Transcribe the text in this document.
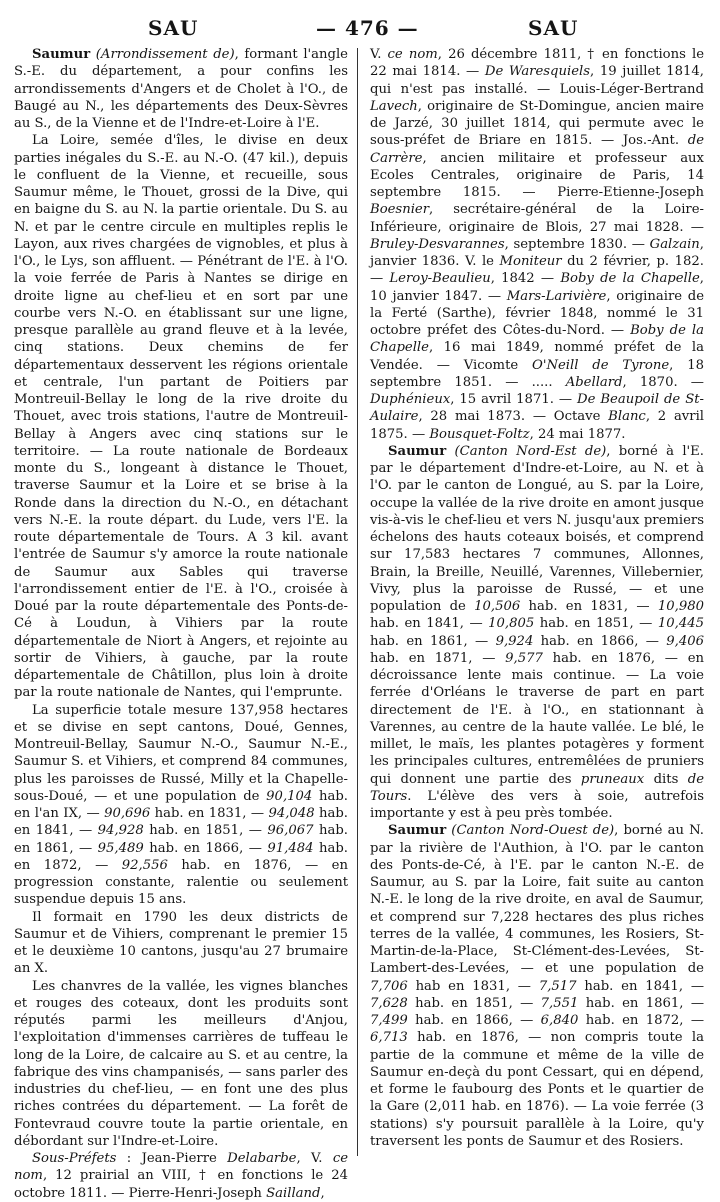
SAU	— 476 —	SAU

Saumur (Arrondissement de), formant l'angle S.-E. du département, a pour confins les arrondissements d'Angers et de Cholet à l'O., de Baugé au N., les départements des Deux-Sèvres au S., de la Vienne et de l'Indre-et-Loire à l'E.

La Loire, semée d'îles, le divise en deux parties inégales du S.-E. au N.-O. (47 kil.), depuis le confluent de la Vienne, et recueille, sous Saumur même, le Thouet, grossi de la Dive, qui en baigne du S. au N. la partie orientale. Du S. au N. et par le centre circule en multiples replis le Layon, aux rives chargées de vignobles, et plus à l'O., le Lys, son affluent. — Pénétrant de l'E. à l'O. la voie ferrée de Paris à Nantes se dirige en droite ligne au chef-lieu et en sort par une courbe vers N.-O. en établissant sur une ligne, presque parallèle au grand fleuve et à la levée, cinq stations. Deux chemins de fer départementaux desservent les régions orientale et centrale, l'un partant de Poitiers par Montreuil-Bellay le long de la rive droite du Thouet, avec trois stations, l'autre de Montreuil-Bellay à Angers avec cinq stations sur le territoire. — La route nationale de Bordeaux monte du S., longeant à distance le Thouet, traverse Saumur et la Loire et se brise à la Ronde dans la direction du N.-O., en détachant vers N.-E. la route départ. du Lude, vers l'E. la route départementale de Tours. A 3 kil. avant l'entrée de Saumur s'y amorce la route nationale de Saumur aux Sables qui traverse l'arrondissement entier de l'E. à l'O., croisée à Doué par la route départementale des Ponts-de-Cé à Loudun, à Vihiers par la route départementale de Niort à Angers, et rejointe au sortir de Vihiers, à gauche, par la route départementale de Châtillon, plus loin à droite par la route nationale de Nantes, qui l'emprunte.

La superficie totale mesure 137,958 hectares et se divise en sept cantons, Doué, Gennes, Montreuil-Bellay, Saumur N.-O., Saumur N.-E., Saumur S. et Vihiers, et comprend 84 communes, plus les paroisses de Russé, Milly et la Chapelle-sous-Doué, — et une population de 90,104 hab. en l'an IX, — 90,696 hab. en 1831, — 94,048 hab. en 1841, — 94,928 hab. en 1851, — 96,067 hab. en 1861, — 95,489 hab. en 1866, — 91,484 hab. en 1872, — 92,556 hab. en 1876, — en progression constante, ralentie ou seulement suspendue depuis 15 ans.

Il formait en 1790 les deux districts de Saumur et de Vihiers, comprenant le premier 15 et le deuxième 10 cantons, jusqu'au 27 brumaire an X.

Les chanvres de la vallée, les vignes blanches et rouges des coteaux, dont les produits sont réputés parmi les meilleurs d'Anjou, l'exploitation d'immenses carrières de tuffeau le long de la Loire, de calcaire au S. et au centre, la fabrique des vins champanisés, — sans parler des industries du chef-lieu, — en font une des plus riches contrées du département. — La forêt de Fontevraud couvre toute la partie orientale, en débordant sur l'Indre-et-Loire.

Sous-Préfets : Jean-Pierre Delabarbe, V. ce nom, 12 prairial an VIII, † en fonctions le 24 octobre 1811. — Pierre-Henri-Joseph Sailland,

V. ce nom, 26 décembre 1811, † en fonctions le 22 mai 1814. — De Waresquiels, 19 juillet 1814, qui n'est pas installé. — Louis-Léger-Bertrand Lavech, originaire de St-Domingue, ancien maire de Jarzé, 30 juillet 1814, qui permute avec le sous-préfet de Briare en 1815. — Jos.-Ant. de Carrère, ancien militaire et professeur aux Ecoles Centrales, originaire de Paris, 14 septembre 1815. — Pierre-Etienne-Joseph Boesnier, secrétaire-général de la Loire-Inférieure, originaire de Blois, 27 mai 1828. — Bruley-Desvarannes, septembre 1830. — Galzain, janvier 1836. V. le Moniteur du 2 février, p. 182. — Leroy-Beaulieu, 1842 — Boby de la Chapelle, 10 janvier 1847. — Mars-Larivière, originaire de la Ferté (Sarthe), février 1848, nommé le 31 octobre préfet des Côtes-du-Nord. — Boby de la Chapelle, 16 mai 1849, nommé préfet de la Vendée. — Vicomte O'Neill de Tyrone, 18 septembre 1851. — ..... Abellard, 1870. — Duphénieux, 15 avril 1871. — De Beaupoil de St-Aulaire, 28 mai 1873. — Octave Blanc, 2 avril 1875. — Bousquet-Foltz, 24 mai 1877.

Saumur (Canton Nord-Est de), borné à l'E. par le département d'Indre-et-Loire, au N. et à l'O. par le canton de Longué, au S. par la Loire, occupe la vallée de la rive droite en amont jusque vis-à-vis le chef-lieu et vers N. jusqu'aux premiers échelons des hauts coteaux boisés, et comprend sur 17,583 hectares 7 communes, Allonnes, Brain, la Breille, Neuillé, Varennes, Villebernier, Vivy, plus la paroisse de Russé, — et une population de 10,506 hab. en 1831, — 10,980 hab. en 1841, — 10,805 hab. en 1851, — 10,445 hab. en 1861, — 9,924 hab. en 1866, — 9,406 hab. en 1871, — 9,577 hab. en 1876, — en décroissance lente mais continue. — La voie ferrée d'Orléans le traverse de part en part directement de l'E. à l'O., en stationnant à Varennes, au centre de la haute vallée. Le blé, le millet, le maïs, les plantes potagères y forment les principales cultures, entremêlées de pruniers qui donnent une partie des pruneaux dits de Tours. L'élève des vers à soie, autrefois importante y est à peu près tombée.

Saumur (Canton Nord-Ouest de), borné au N. par la rivière de l'Authion, à l'O. par le canton des Ponts-de-Cé, à l'E. par le canton N.-E. de Saumur, au S. par la Loire, fait suite au canton N.-E. le long de la rive droite, en aval de Saumur, et comprend sur 7,228 hectares des plus riches terres de la vallée, 4 communes, les Rosiers, St-Martin-de-la-Place, St-Clément-des-Levées, St-Lambert-des-Levées, — et une population de 7,706 hab en 1831, — 7,517 hab. en 1841, — 7,628 hab. en 1851, — 7,551 hab. en 1861, — 7,499 hab. en 1866, — 6,840 hab. en 1872, — 6,713 hab. en 1876, — non compris toute la partie de la commune et même de la ville de Saumur en-deçà du pont Cessart, qui en dépend, et forme le faubourg des Ponts et le quartier de la Gare (2,011 hab. en 1876). — La voie ferrée (3 stations) s'y poursuit parallèle à la Loire, qu'y traversent les ponts de Saumur et des Rosiers.
